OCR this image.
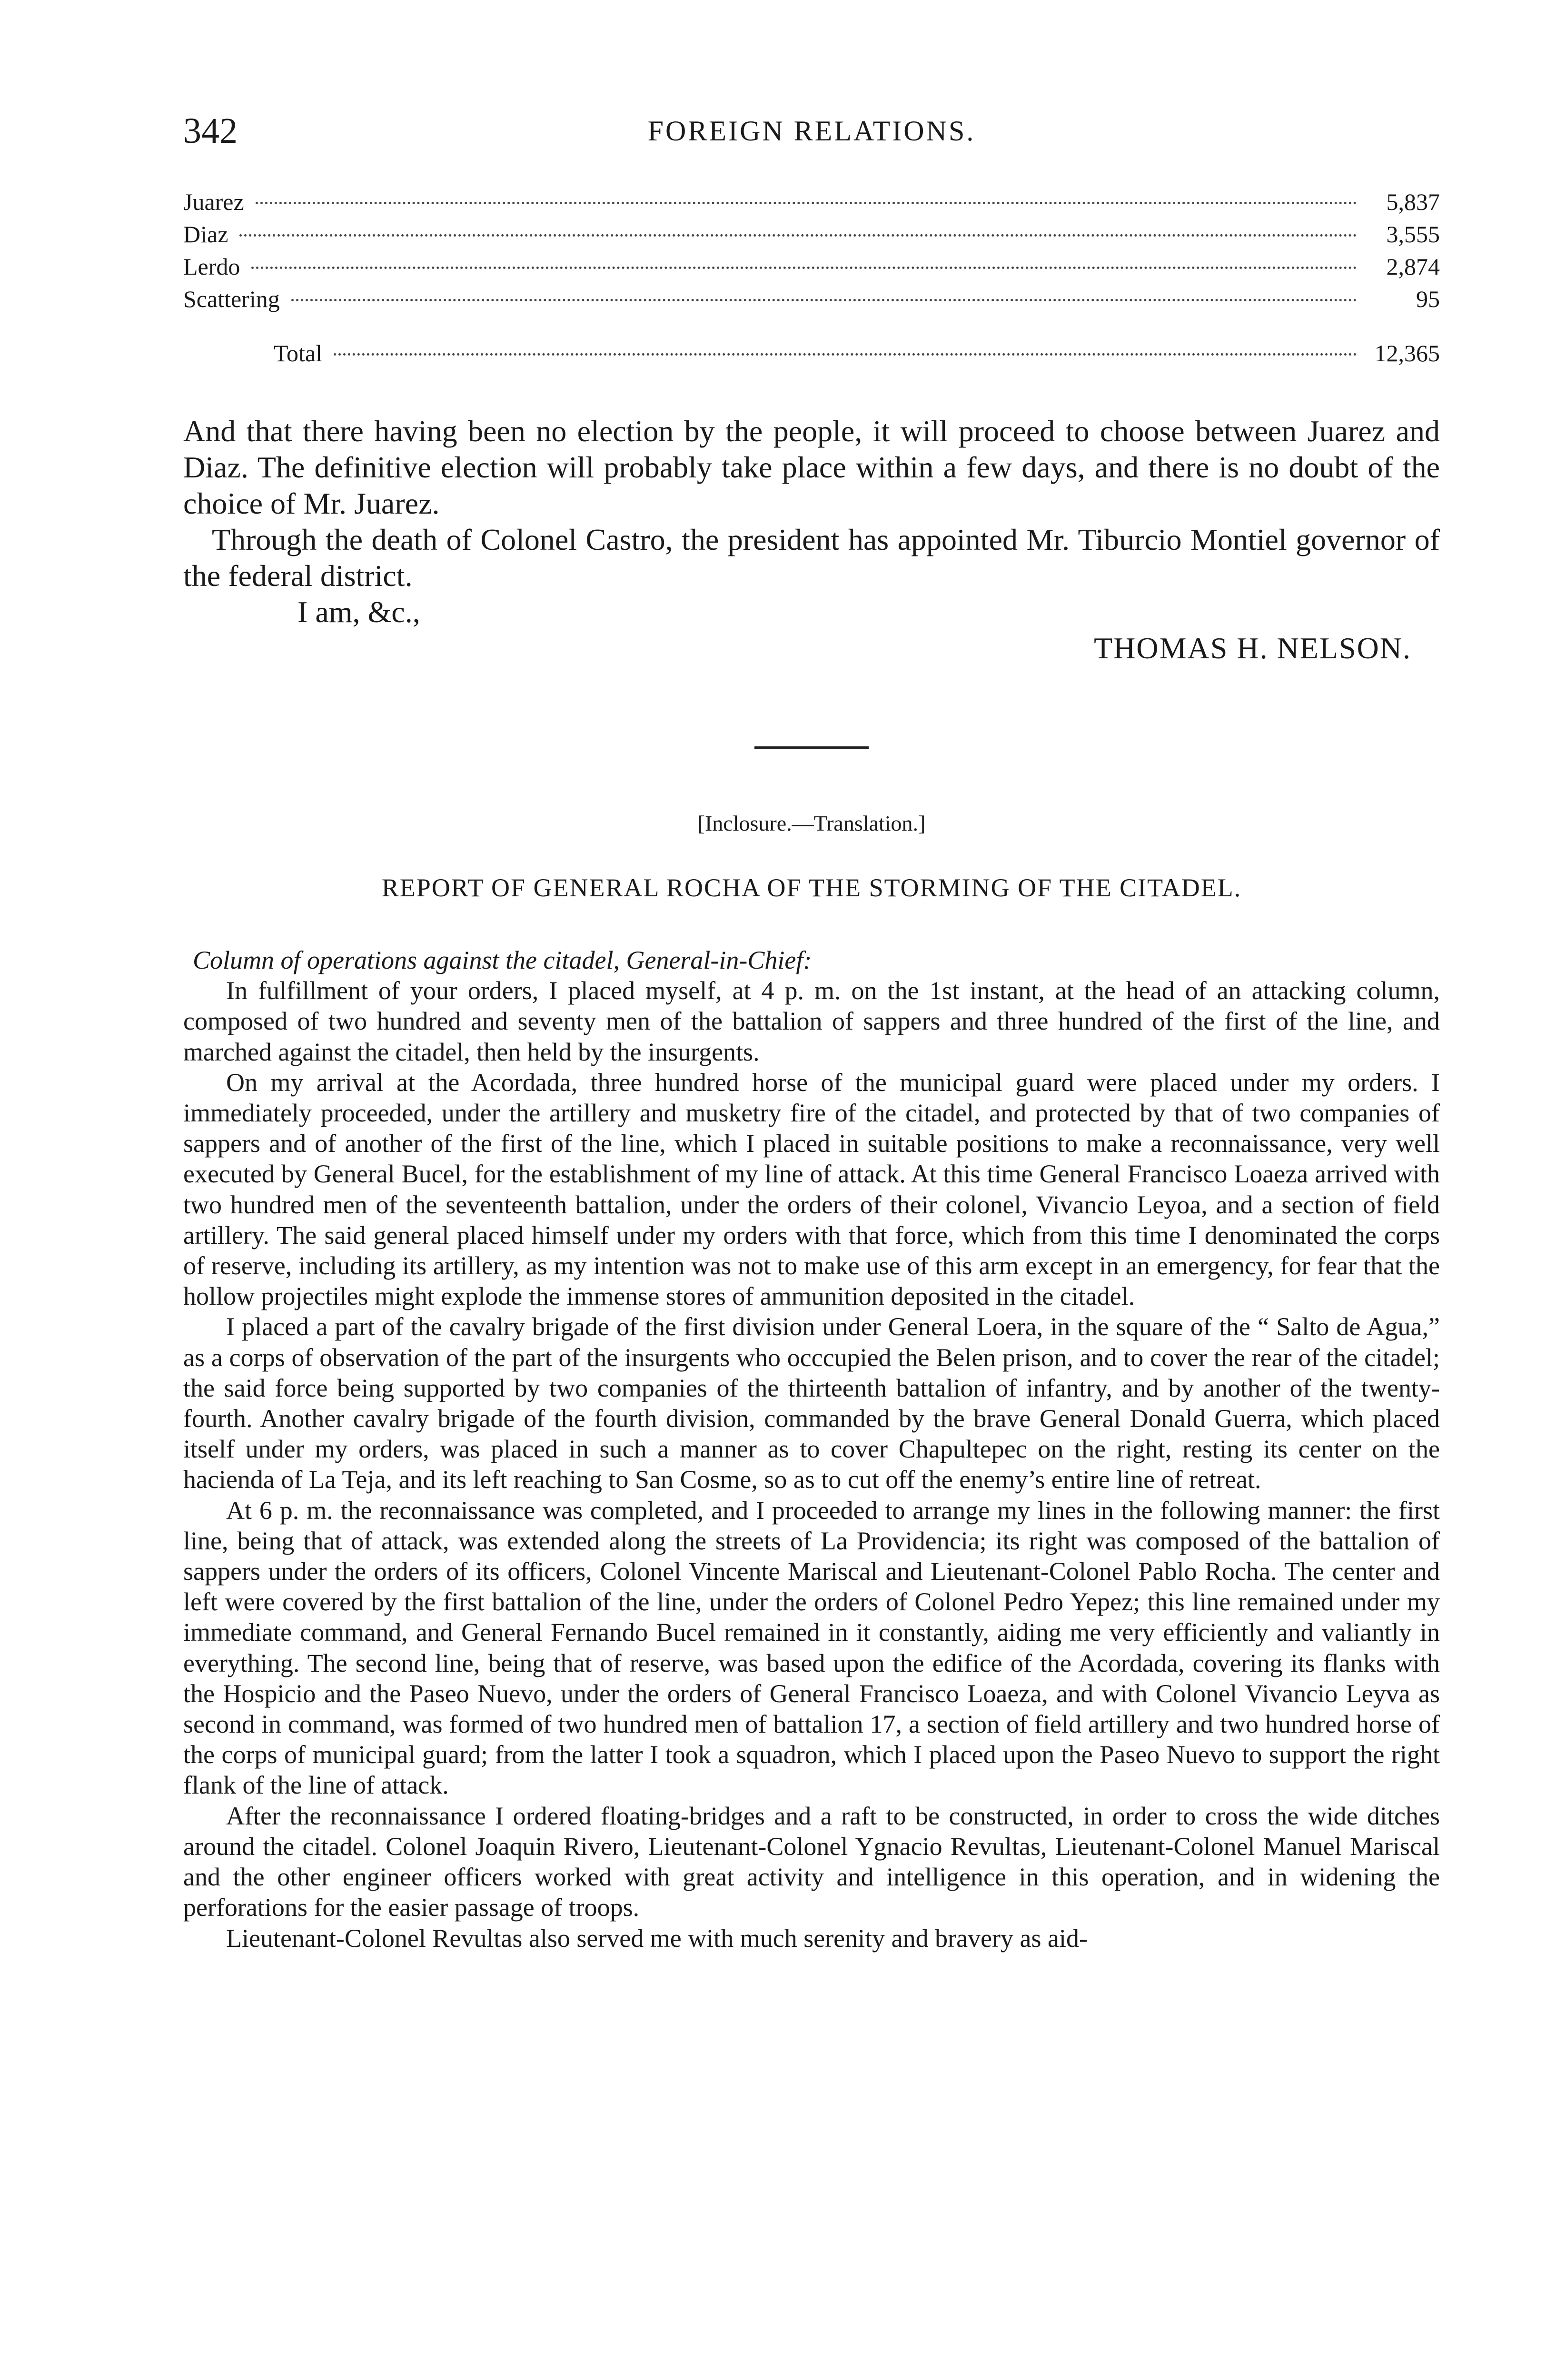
342	FOREIGN RELATIONS.
Juarez	5,837
Diaz	3,555
Lerdo	2,874
Scattering	95
Total	12,365

And that there having been no election by the people, it will proceed to choose between Juarez and Diaz. The definitive election will probably take place within a few days, and there is no doubt of the choice of Mr. Juarez.

Through the death of Colonel Castro, the president has appointed Mr. Tiburcio Montiel governor of the federal district.

I am, &c.,

THOMAS H. NELSON.

[Inclosure.—Translation.]
REPORT OF GENERAL ROCHA OF THE STORMING OF THE CITADEL.

Column of operations against the citadel, General-in-Chief:

In fulfillment of your orders, I placed myself, at 4 p. m. on the 1st instant, at the head of an attacking column, composed of two hundred and seventy men of the battalion of sappers and three hundred of the first of the line, and marched against the citadel, then held by the insurgents.

On my arrival at the Acordada, three hundred horse of the municipal guard were placed under my orders. I immediately proceeded, under the artillery and musketry fire of the citadel, and protected by that of two companies of sappers and of another of the first of the line, which I placed in suitable positions to make a reconnaissance, very well executed by General Bucel, for the establishment of my line of attack. At this time General Francisco Loaeza arrived with two hundred men of the seventeenth battalion, under the orders of their colonel, Vivancio Leyoa, and a section of field artillery. The said general placed himself under my orders with that force, which from this time I denominated the corps of reserve, including its artillery, as my intention was not to make use of this arm except in an emergency, for fear that the hollow projectiles might explode the immense stores of ammunition deposited in the citadel.

I placed a part of the cavalry brigade of the first division under General Loera, in the square of the “ Salto de Agua,” as a corps of observation of the part of the insurgents who occcupied the Belen prison, and to cover the rear of the citadel; the said force being supported by two companies of the thirteenth battalion of infantry, and by another of the twenty-fourth. Another cavalry brigade of the fourth division, commanded by the brave General Donald Guerra, which placed itself under my orders, was placed in such a manner as to cover Chapultepec on the right, resting its center on the hacienda of La Teja, and its left reaching to San Cosme, so as to cut off the enemy’s entire line of retreat.

At 6 p. m. the reconnaissance was completed, and I proceeded to arrange my lines in the following manner: the first line, being that of attack, was extended along the streets of La Providencia; its right was composed of the battalion of sappers under the orders of its officers, Colonel Vincente Mariscal and Lieutenant-Colonel Pablo Rocha. The center and left were covered by the first battalion of the line, under the orders of Colonel Pedro Yepez; this line remained under my immediate command, and General Fernando Bucel remained in it constantly, aiding me very efficiently and valiantly in everything. The second line, being that of reserve, was based upon the edifice of the Acordada, covering its flanks with the Hospicio and the Paseo Nuevo, under the orders of General Francisco Loaeza, and with Colonel Vivancio Leyva as second in command, was formed of two hundred men of battalion 17, a section of field artillery and two hundred horse of the corps of municipal guard; from the latter I took a squadron, which I placed upon the Paseo Nuevo to support the right flank of the line of attack.

After the reconnaissance I ordered floating-bridges and a raft to be constructed, in order to cross the wide ditches around the citadel. Colonel Joaquin Rivero, Lieutenant-Colonel Ygnacio Revultas, Lieutenant-Colonel Manuel Mariscal and the other engineer officers worked with great activity and intelligence in this operation, and in widening the perforations for the easier passage of troops.

Lieutenant-Colonel Revultas also served me with much serenity and bravery as aid-
